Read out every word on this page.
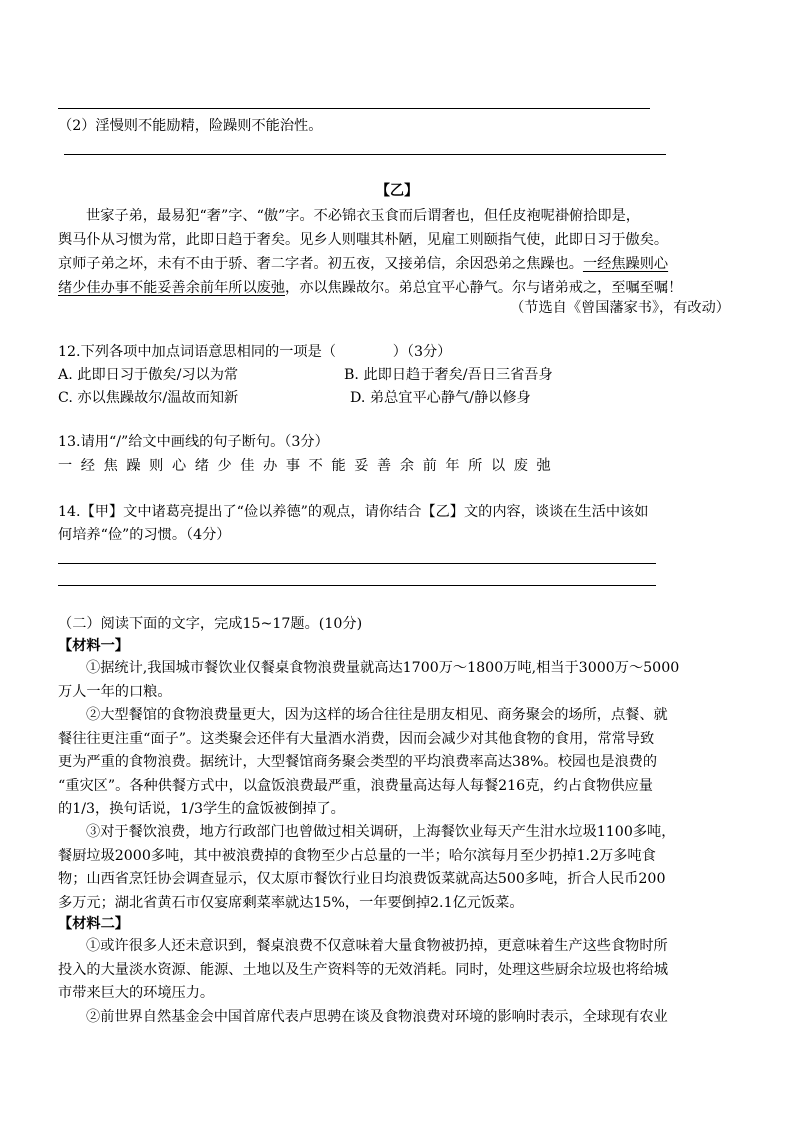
（2）淫慢则不能励精，险躁则不能治性。
【乙】
世家子弟，最易犯“奢”字、“傲”字。不必锦衣玉食而后谓奢也，但任皮袍呢褂俯拾即是，
舆马仆从习惯为常，此即日趋于奢矣。见乡人则嗤其朴陋，见雇工则颐指气使，此即日习于傲矣。
京师子弟之坏，未有不由于骄、奢二字者。初五夜，又接弟信，余因恐弟之焦躁也。一经焦躁则心
绪少佳办事不能妥善余前年所以废弛，亦以焦躁故尔。弟总宜平心静气。尔与诸弟戒之，至嘱至嘱！
（节选自《曾国藩家书》，有改动）
12.下列各项中加点词语意思相同的一项是（　　　　）（3分）
A. 此即日习于傲矣/习以为常	B. 此即日趋于奢矣/吾日三省吾身
C. 亦以焦躁故尔/温故而知新	D. 弟总宜平心静气/静以修身
13.请用“/”给文中画线的句子断句。（3分）
一经焦躁则心绪少佳办事不能妥善余前年所以废弛
14.【甲】文中诸葛亮提出了“俭以养德”的观点，请你结合【乙】文的内容，谈谈在生活中该如
何培养“俭”的习惯。（4分）
（二）阅读下面的文字，完成15~17题。(10分)
【材料一】
①据统计,我国城市餐饮业仅餐桌食物浪费量就高达1700万～1800万吨,相当于3000万～5000
万人一年的口粮。
②大型餐馆的食物浪费量更大，因为这样的场合往往是朋友相见、商务聚会的场所，点餐、就
餐往往更注重“面子”。这类聚会还伴有大量酒水消费，因而会减少对其他食物的食用，常常导致
更为严重的食物浪费。据统计，大型餐馆商务聚会类型的平均浪费率高达38%。校园也是浪费的
“重灾区”。各种供餐方式中，以盒饭浪费最严重，浪费量高达每人每餐216克，约占食物供应量
的1/3，换句话说，1/3学生的盒饭被倒掉了。
③对于餐饮浪费，地方行政部门也曾做过相关调研，上海餐饮业每天产生泔水垃圾1100多吨，
餐厨垃圾2000多吨，其中被浪费掉的食物至少占总量的一半；哈尔滨每月至少扔掉1.2万多吨食
物；山西省烹饪协会调查显示，仅太原市餐饮行业日均浪费饭菜就高达500多吨，折合人民币200
多万元；湖北省黄石市仅宴席剩菜率就达15%，一年要倒掉2.1亿元饭菜。
【材料二】
①或许很多人还未意识到，餐桌浪费不仅意味着大量食物被扔掉，更意味着生产这些食物时所
投入的大量淡水资源、能源、土地以及生产资料等的无效消耗。同时，处理这些厨余垃圾也将给城
市带来巨大的环境压力。
②前世界自然基金会中国首席代表卢思骋在谈及食物浪费对环境的影响时表示，全球现有农业
